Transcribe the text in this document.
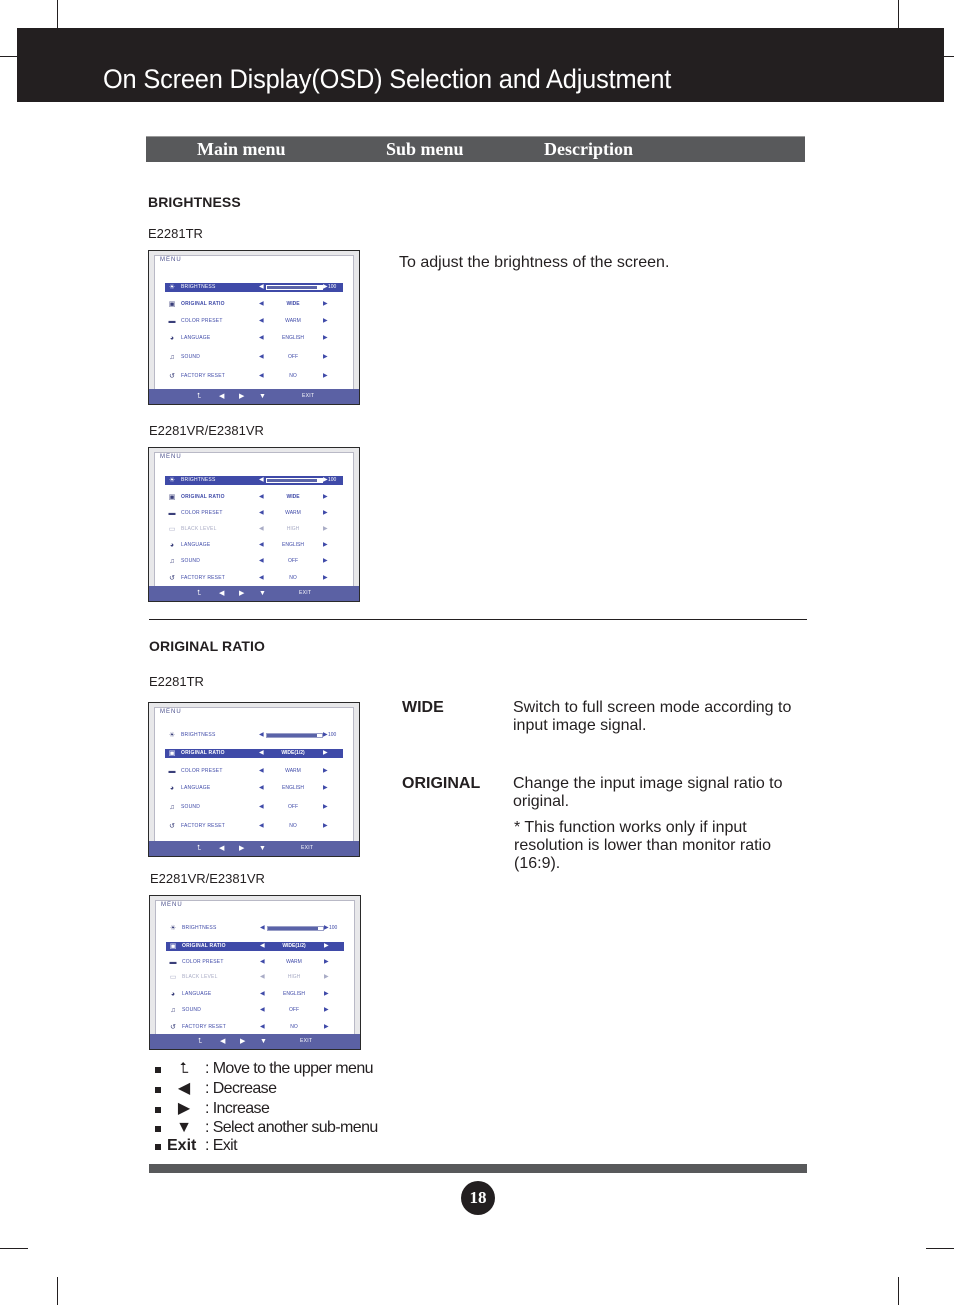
On Screen Display(OSD) Selection and Adjustment
Main menu	Sub menu	Description
BRIGHTNESS
E2281TR
To adjust the brightness of the screen.
MENU
☀	BRIGHTNESS	◀	▶ 100
▣	ORIGINAL RATIO	◀	WIDE	▶
▬	COLOR PRESET	◀	WARM	▶
◕	LANGUAGE	◀	ENGLISH	▶
♫	SOUND	◀	OFF	▶
↺	FACTORY RESET	◀	NO	▶
⮤	◀ ▶ ▼	EXIT
E2281VR/E2381VR
MENU
☀	BRIGHTNESS	◀	▶ 100
▣	ORIGINAL RATIO	◀	WIDE	▶
▬	COLOR PRESET	◀	WARM	▶
▭	BLACK LEVEL	◀	HIGH	▶
◕	LANGUAGE	◀	ENGLISH	▶
♫	SOUND	◀	OFF	▶
↺	FACTORY RESET	◀	NO	▶
⮤	◀ ▶ ▼	EXIT
ORIGINAL RATIO
E2281TR
WIDE	Switch to full screen mode according to input image signal.
ORIGINAL Change the input image signal ratio to original.
* This function works only if input resolution is lower than monitor ratio (16:9).
MENU
☀	BRIGHTNESS	◀	▶ 100
▣	ORIGINAL RATIO	◀	WIDE(1/2)	▶
▬	COLOR PRESET	◀	WARM	▶
◕	LANGUAGE	◀	ENGLISH	▶
♫	SOUND	◀	OFF	▶
↺	FACTORY RESET	◀	NO	▶
⮤	◀ ▶ ▼	EXIT
E2281VR/E2381VR
MENU
☀	BRIGHTNESS	◀	▶ 100
▣	ORIGINAL RATIO	◀	WIDE(1/2)	▶
▬	COLOR PRESET	◀	WARM	▶
▭	BLACK LEVEL	◀	HIGH	▶
◕	LANGUAGE	◀	ENGLISH	▶
♫	SOUND	◀	OFF	▶
↺	FACTORY RESET	◀	NO	▶
⮤	◀ ▶ ▼	EXIT
⮤	: Move to the upper menu
◀ : Decrease
▶ : Increase
▼ : Select another sub-menu
Exit : Exit
18
